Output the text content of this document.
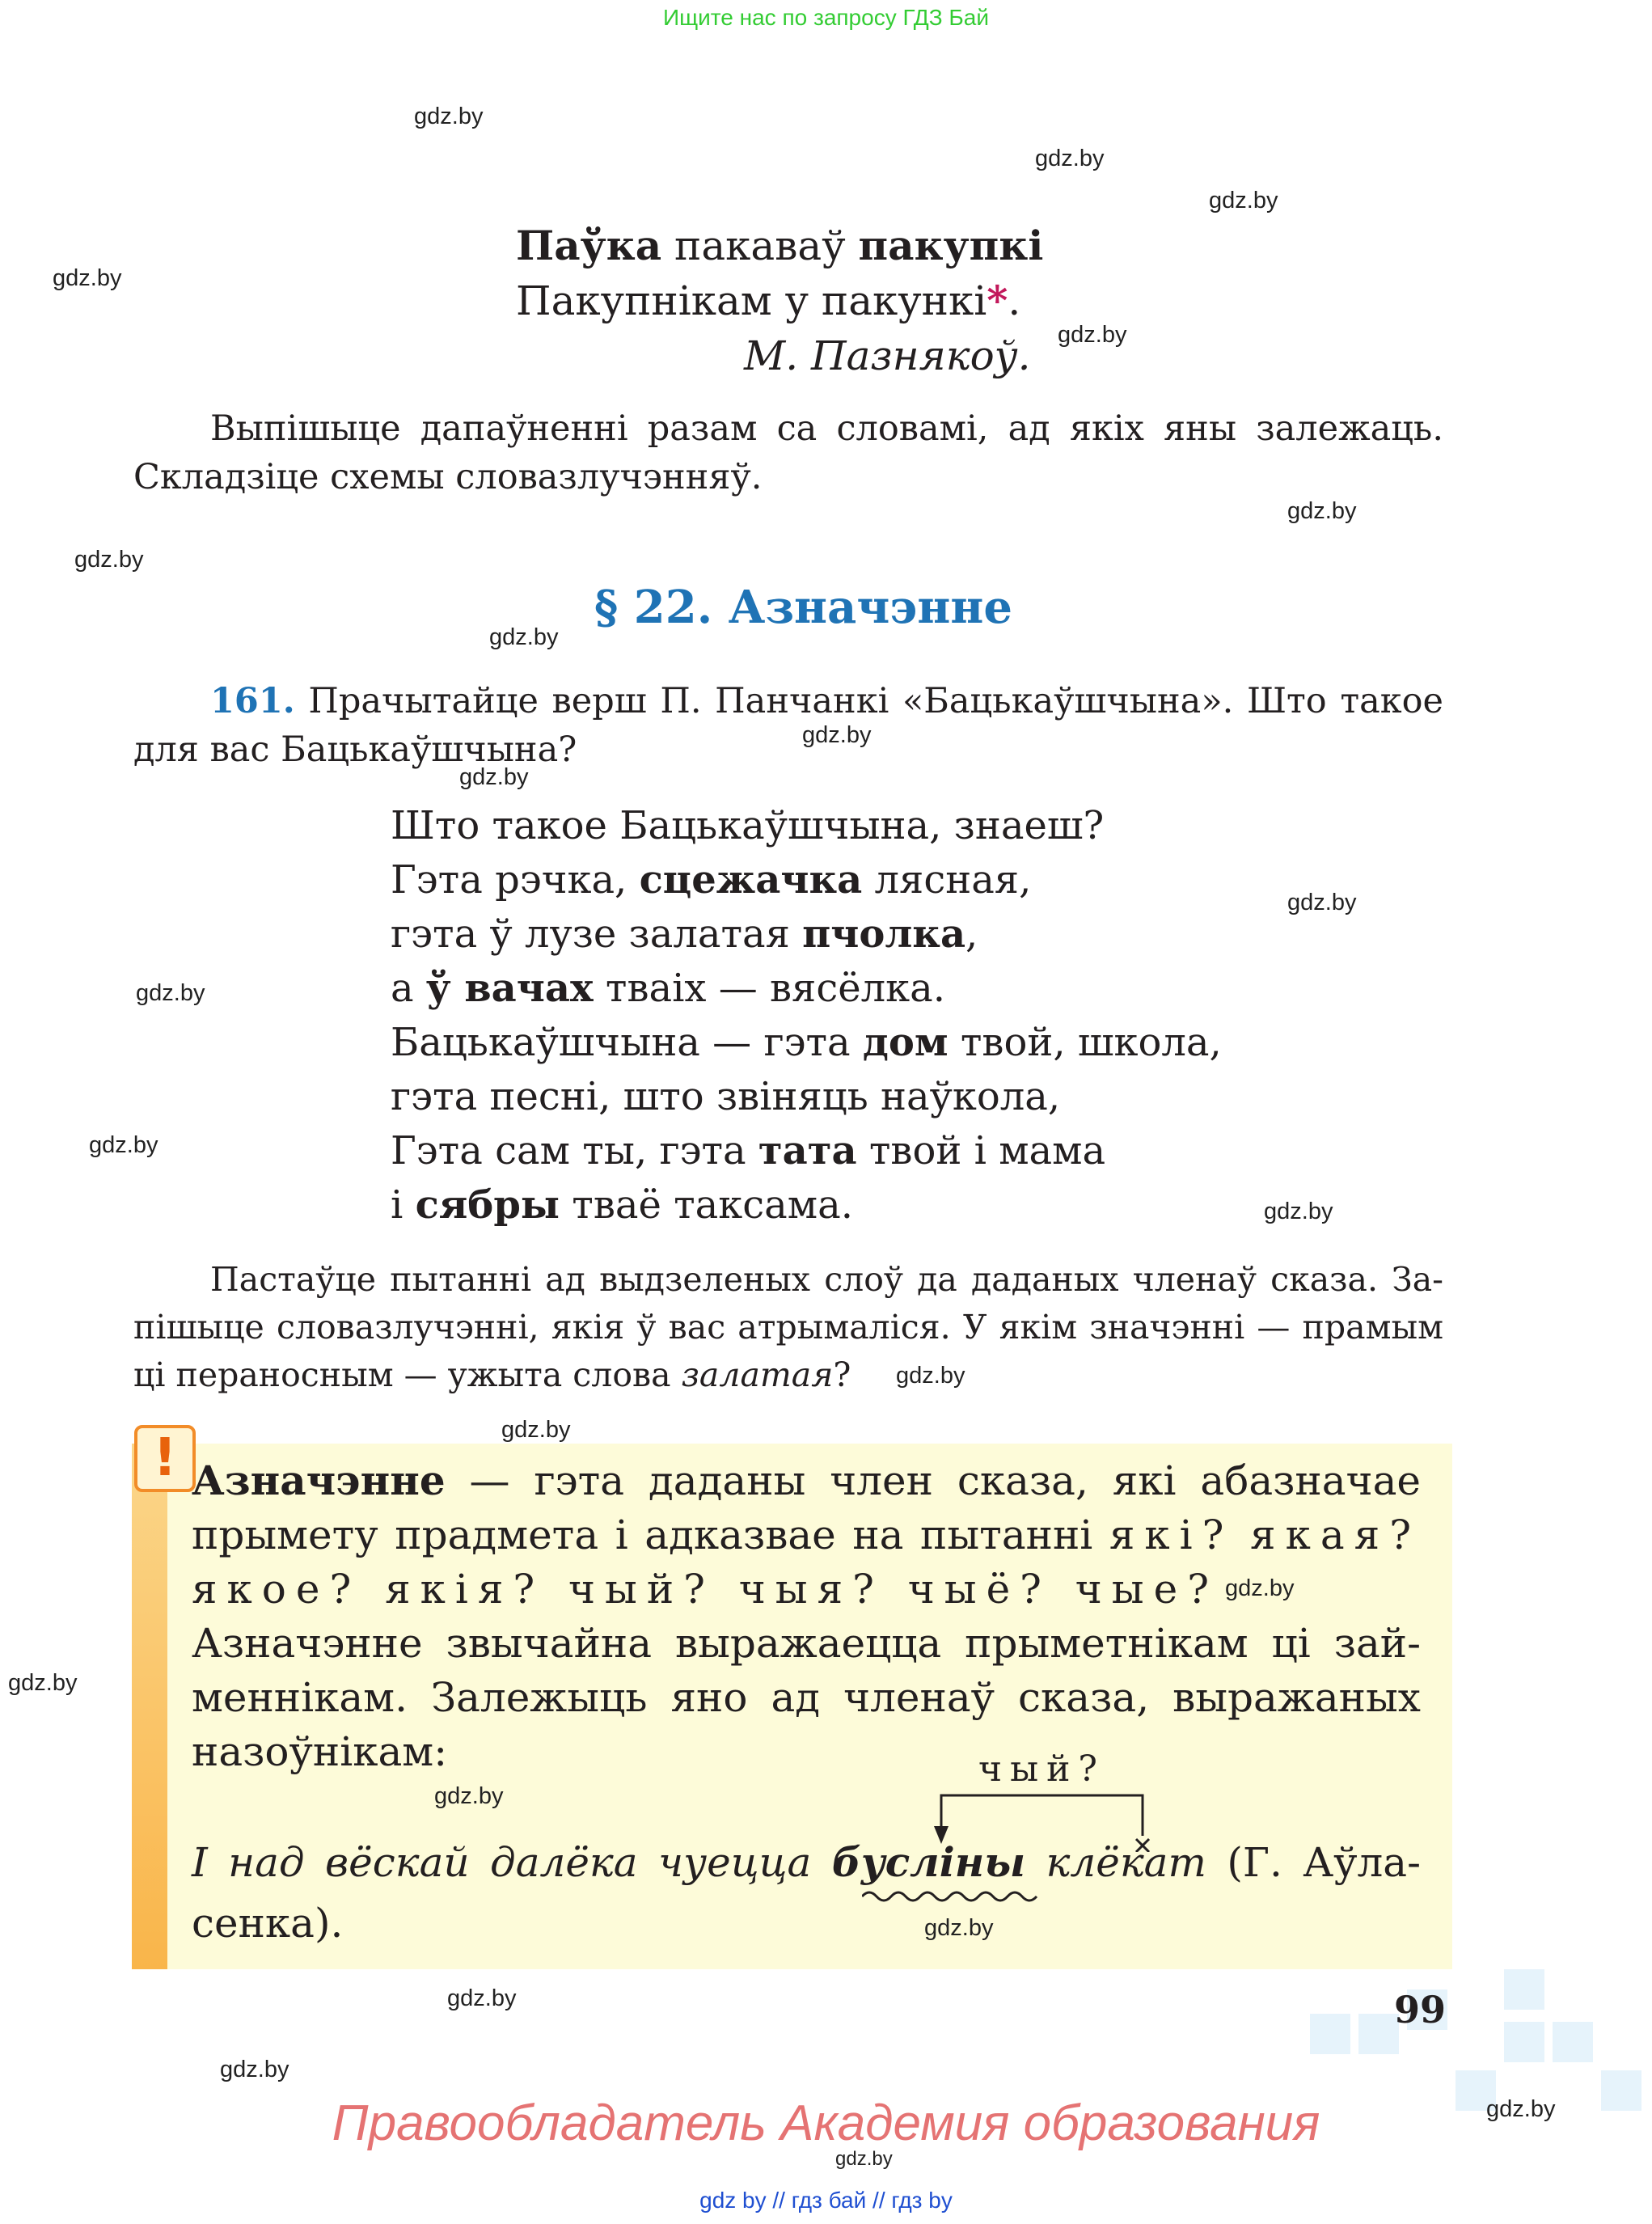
Ищите нас по запросу ГДЗ Бай
Паўка пакаваў пакупкі
Пакупнікам у пакункі*.
М. Пазнякоў.
Выпішыце дапаўненні разам са словамі, ад якіх яны залежаць.
Складзіце схемы словазлучэнняў.
§ 22. Азначэнне
161. Прачытайце верш П. Панчанкі «Бацькаўшчына». Што такое
для вас Бацькаўшчына?
Што такое Бацькаўшчына, знаеш?
Гэта рэчка, сцежачка лясная,
гэта ў лузе залатая пчолка,
а ў вачах тваіх — вясёлка.
Бацькаўшчына — гэта дом твой, школа,
гэта песні, што звіняць наўкола,
Гэта сам ты, гэта тата твой і мама
і сябры тваё таксама.
Пастаўце пытанні ад выдзеленых слоў да даданых членаў сказа. За-
пішыце словазлучэнні, якія ў вас атрымаліся. У якім значэнні — прамым
ці пераносным — ужыта слова залатая?
! Азначэнне — гэта даданы член сказа, які абазначае
прымету прадмета і адказвае на пытанні які? якая?
якое? якія? чый? чыя? чыё? чые?
Азначэнне звычайна выражаецца прыметнікам ці зай-
меннікам. Залежыць яно ад членаў сказа, выражаных
назоўнікам:	чый?
І над вёскай далёка чуецца бусліны клёкат (Г. Аўла-
сенка).
99
Правообладатель Академия образования
gdz by // гдз бай // гдз by
gdz.by
gdz.by
gdz.by
gdz.by
gdz.by
gdz.by
gdz.by
gdz.by
gdz.by
gdz.by
gdz.by
gdz.by
gdz.by
gdz.by
gdz.by
gdz.by
gdz.by
gdz.by
gdz.by
gdz.by
gdz.by
gdz.by
gdz.by
gdz.by
